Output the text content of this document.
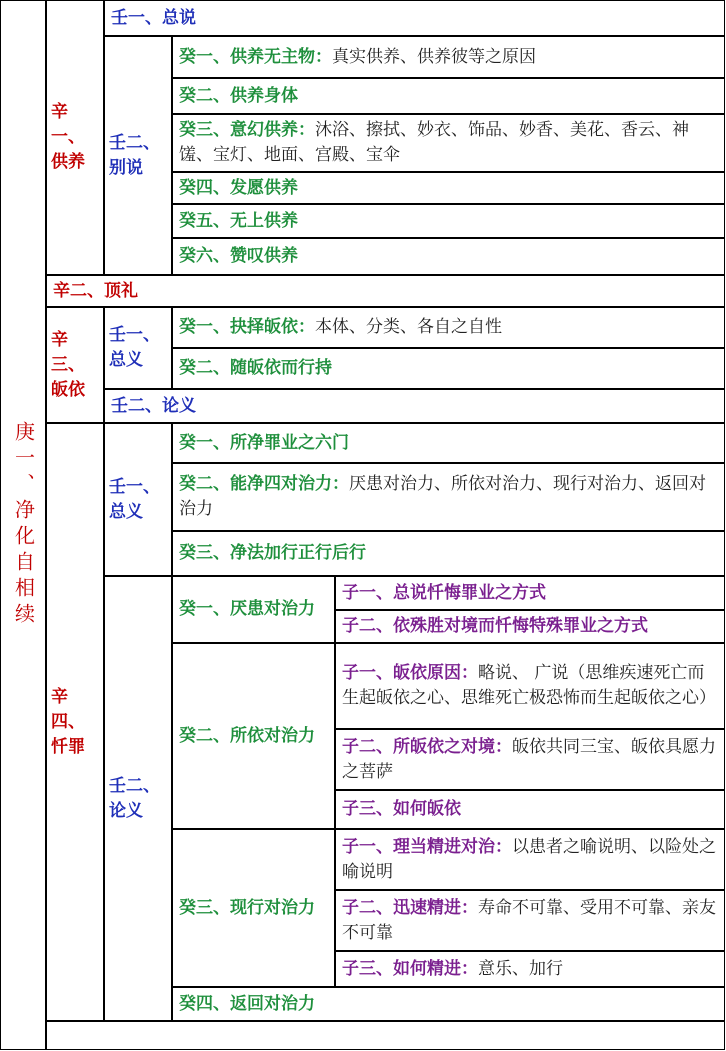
庚一、净化自相续
辛一、供养
壬一、总说
壬二、别说
癸一、供养无主物：真实供养、供养彼等之原因
癸二、供养身体
癸三、意幻供养：沐浴、擦拭、妙衣、饰品、妙香、美花、香云、神馐、宝灯、地面、宫殿、宝伞
癸四、发愿供养
癸五、无上供养
癸六、赞叹供养
辛二、顶礼
辛三、皈依
壬一、总义
癸一、抉择皈依：本体、分类、各自之自性
癸二、随皈依而行持
壬二、论义
辛四、忏罪
壬一、总义
癸一、所净罪业之六门
癸二、能净四对治力：厌患对治力、所依对治力、现行对治力、返回对治力
癸三、净法加行正行后行
壬二、论义
癸一、厌患对治力
子一、总说忏悔罪业之方式
子二、依殊胜对境而忏悔特殊罪业之方式
癸二、所依对治力
子一、皈依原因：略说、 广说（思维疾速死亡而生起皈依之心、思维死亡极恐怖而生起皈依之心）
子二、所皈依之对境：皈依共同三宝、皈依具愿力之菩萨
子三、如何皈依
癸三、现行对治力
子一、理当精进对治：以患者之喻说明、以险处之喻说明
子二、迅速精进：寿命不可靠、受用不可靠、亲友不可靠
子三、如何精进：意乐、加行
癸四、返回对治力
